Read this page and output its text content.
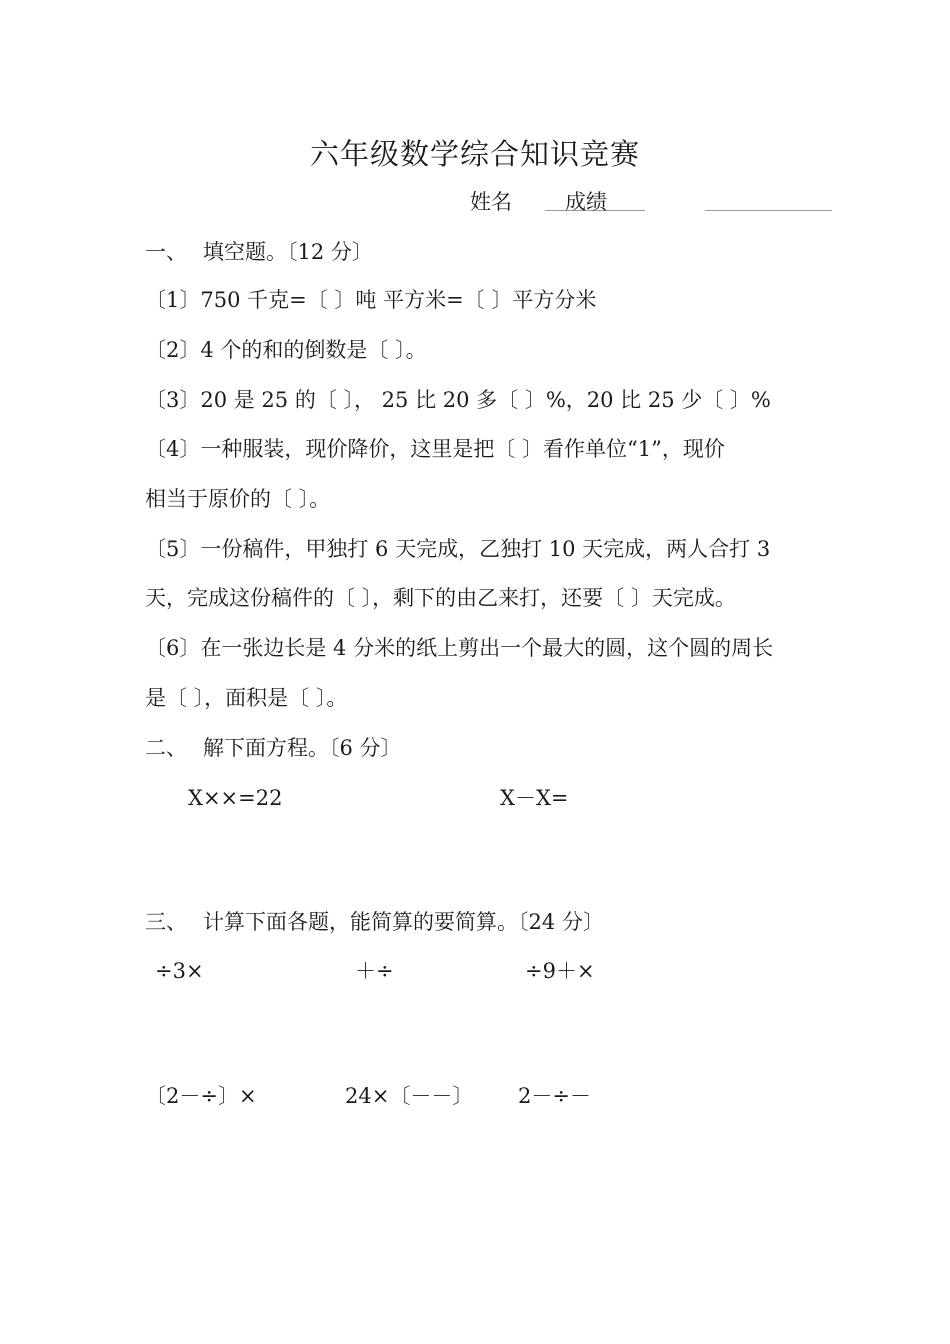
六年级数学综合知识竞赛
姓名	成绩
一、 填空题。〔12 分〕
〔1〕750 千克=〔 〕吨 平方米=〔 〕平方分米
〔2〕4 个的和的倒数是〔 〕。
〔3〕20 是 25 的〔 〕， 25 比 20 多〔 〕%，20 比 25 少〔 〕%
〔4〕一种服装，现价降价，这里是把〔 〕看作单位“1”，现价
相当于原价的〔 〕。
〔5〕一份稿件，甲独打 6 天完成，乙独打 10 天完成，两人合打 3
天，完成这份稿件的〔 〕，剩下的由乙来打，还要〔 〕天完成。
〔6〕在一张边长是 4 分米的纸上剪出一个最大的圆，这个圆的周长
是〔 〕，面积是〔 〕。
二、 解下面方程。〔6 分〕
X××=22	X－X=
三、 计算下面各题，能简算的要简算。〔24 分〕
÷3×	＋÷	÷9＋×
〔2－÷〕×	24×〔－－〕 2－÷－
